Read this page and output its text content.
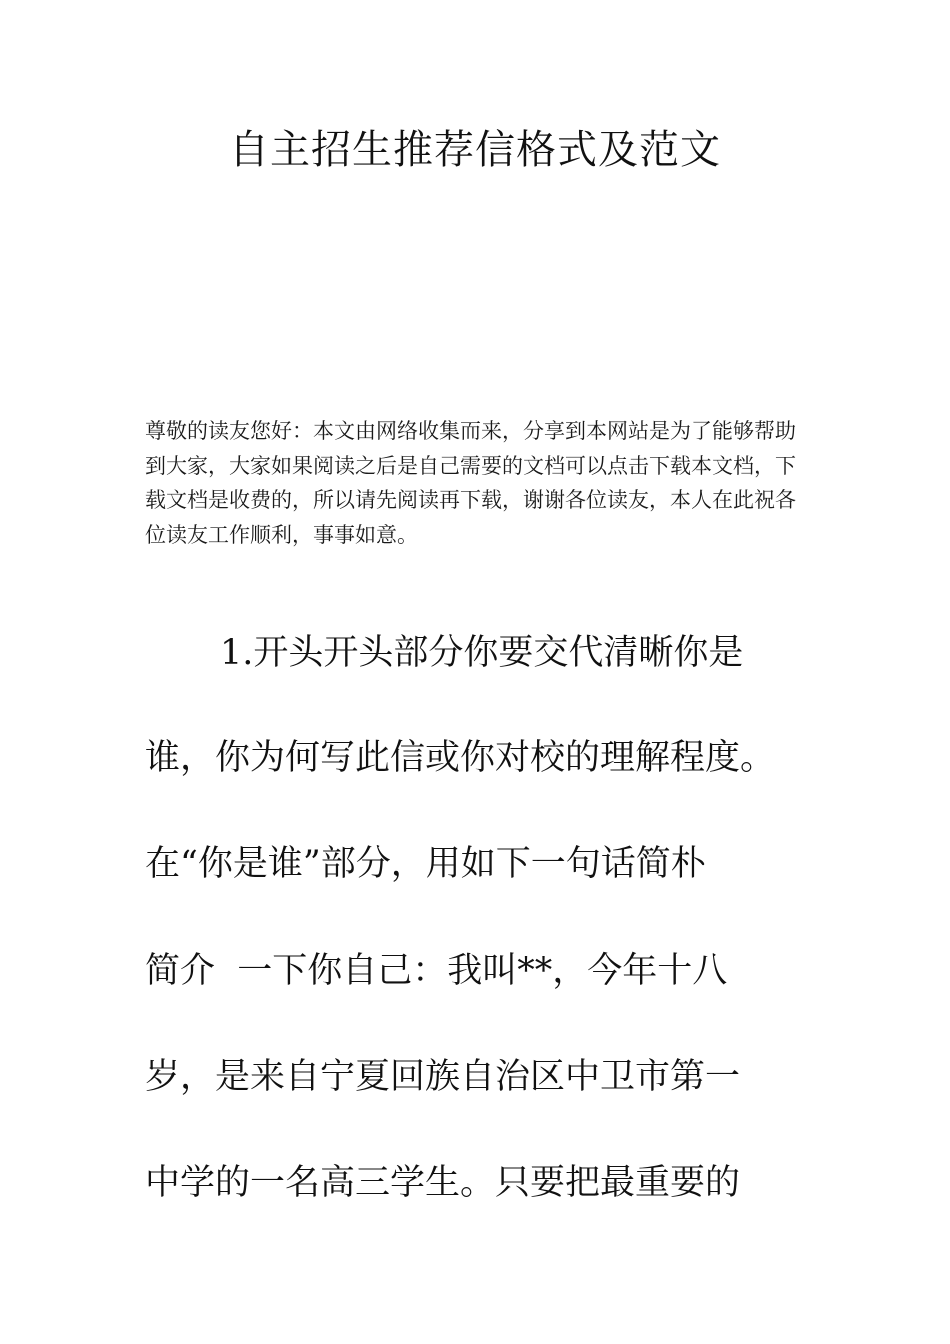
自主招生推荐信格式及范文

尊敬的读友您好：本文由网络收集而来，分享到本网站是为了能够帮助到大家，大家如果阅读之后是自己需要的文档可以点击下载本文档，下载文档是收费的，所以请先阅读再下载，谢谢各位读友，本人在此祝各位读友工作顺利，事事如意。

1.开头开头部分你要交代清晰你是

谁，你为何写此信或你对校的理解程度。

在“你是谁”部分，用如下一句话简朴

简介  一下你自己：我叫**，今年十八

岁，是来自宁夏回族自治区中卫市第一

中学的一名高三学生。只要把最重要的
